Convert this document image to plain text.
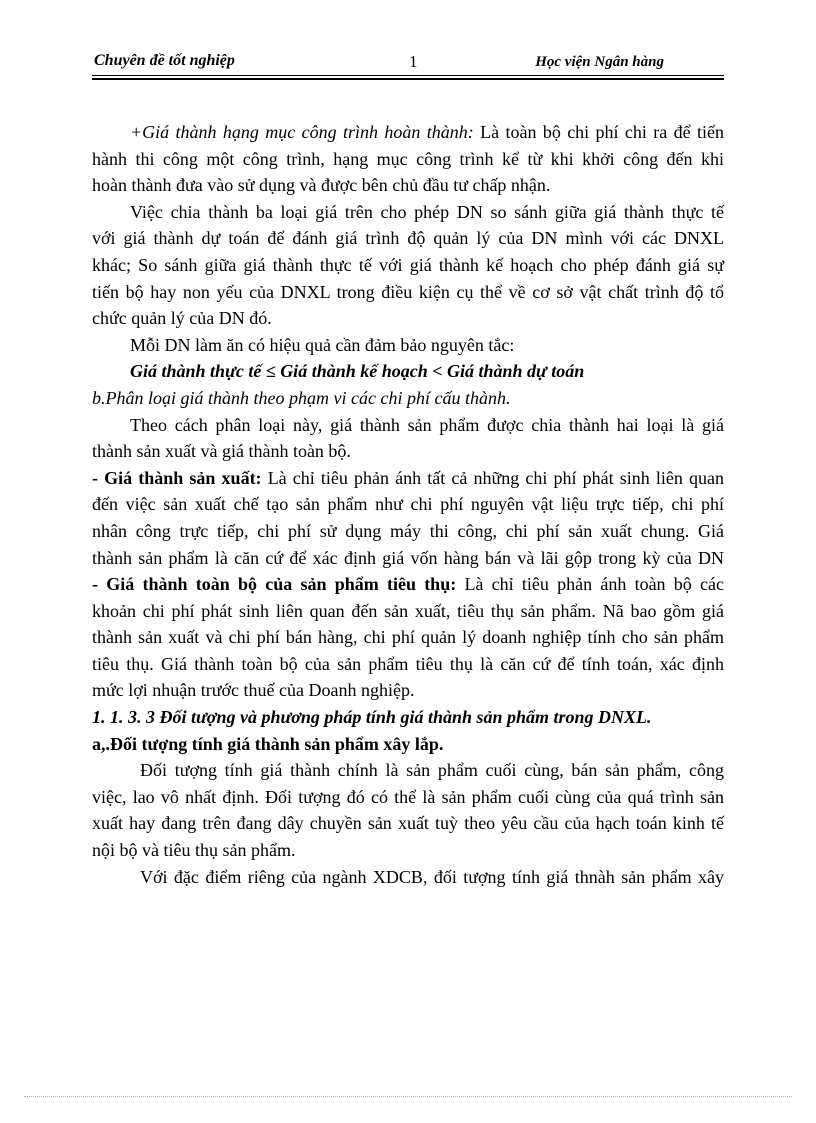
Chuyên đề tốt nghiệp	1	Học viện Ngân hàng

+Giá thành hạng mục công trình hoàn thành: Là toàn bộ chi phí chi ra để tiến

hành thi công một công trình, hạng mục công trình kể từ khi khởi công đến khi

hoàn thành đưa vào sử dụng và được bên chủ đầu tư chấp nhận.

Việc chia thành ba loại giá trên cho phép DN so sánh giữa giá thành thực tế

với giá thành dự toán để đánh giá trình độ quản lý của DN mình với các DNXL

khác; So sánh giữa giá thành thực tế với giá thành kế hoạch cho phép đánh giá sự

tiến bộ hay non yếu của DNXL trong điều kiện cụ thể về cơ sở vật chất trình độ tổ

chức quản lý của DN đó.

Mỗi DN làm ăn có hiệu quả cần đảm bảo nguyên tắc:

Giá thành thực tế ≤ Giá thành kế hoạch < Giá thành dự toán

b.Phân loại giá thành theo phạm vi các chi phí cấu thành.

Theo cách phân loại này, giá thành sản phẩm được chia thành hai loại là giá

thành sản xuất và giá thành toàn bộ.

- Giá thành sản xuất: Là chỉ tiêu phản ánh tất cả những chi phí phát sinh liên quan

đến việc sản xuất chế tạo sản phẩm như chi phí nguyên vật liệu trực tiếp, chi phí

nhân công trực tiếp, chi phí sử dụng máy thi công, chi phí sản xuất chung. Giá

thành sản phẩm là căn cứ để xác định giá vốn hàng bán và lãi gộp trong kỳ của DN

- Giá thành toàn bộ của sản phẩm tiêu thụ: Là chỉ tiêu phản ánh toàn bộ các

khoản chi phí phát sinh liên quan đến sản xuất, tiêu thụ sản phẩm. Nã bao gồm giá

thành sản xuất và chi phí bán hàng, chi phí quản lý doanh nghiệp tính cho sản phẩm

tiêu thụ. Giá thành toàn bộ của sản phẩm tiêu thụ là căn cứ để tính toán, xác định

mức lợi nhuận trước thuế của Doanh nghiệp.

1. 1. 3. 3 Đối tượng và phương pháp tính giá thành sản phẩm trong DNXL.

a,.Đối tượng tính giá thành sản phẩm xây lắp.

Đối tượng tính giá thành chính là sản phẩm cuối cùng, bán sản phẩm, công

việc, lao vô nhất định. Đối tượng đó có thể là sản phẩm cuối cùng của quá trình sản

xuất hay đang trên đang dây chuyền sản xuất tuỳ theo yêu cầu của hạch toán kinh tế

nội bộ và tiêu thụ sản phẩm.

Với đặc điểm riêng của ngành XDCB, đối tượng tính giá thnàh sản phẩm xây
